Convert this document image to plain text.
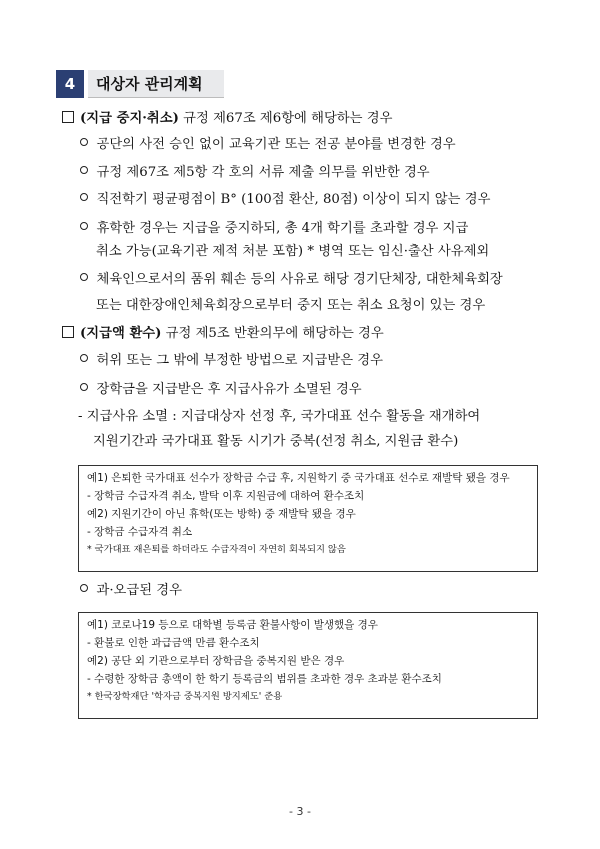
4	대상자 관리계획
(지급 중지·취소) 규정 제67조 제6항에 해당하는 경우
공단의 사전 승인 없이 교육기관 또는 전공 분야를 변경한 경우
규정 제67조 제5항 각 호의 서류 제출 의무를 위반한 경우
직전학기 평균평점이 B° (100점 환산, 80점) 이상이 되지 않는 경우
휴학한 경우는 지급을 중지하되, 총 4개 학기를 초과할 경우 지급
취소 가능(교육기관 제적 처분 포함) * 병역 또는 임신·출산 사유제외
체육인으로서의 품위 훼손 등의 사유로 해당 경기단체장, 대한체육회장
또는 대한장애인체육회장으로부터 중지 또는 취소 요청이 있는 경우
(지급액 환수) 규정 제5조 반환의무에 해당하는 경우
허위 또는 그 밖에 부정한 방법으로 지급받은 경우
장학금을 지급받은 후 지급사유가 소멸된 경우
- 지급사유 소멸 : 지급대상자 선정 후, 국가대표 선수 활동을 재개하여
지원기간과 국가대표 활동 시기가 중복(선정 취소, 지원금 환수)
예1) 은퇴한 국가대표 선수가 장학금 수급 후, 지원학기 중 국가대표 선수로 재발탁 됐을 경우
- 장학금 수급자격 취소, 발탁 이후 지원금에 대하여 환수조치
예2) 지원기간이 아닌 휴학(또는 방학) 중 재발탁 됐을 경우
- 장학금 수급자격 취소
* 국가대표 재은퇴를 하더라도 수급자격이 자연히 회복되지 않음
과·오급된 경우
예1) 코로나19 등으로 대학별 등록금 환불사항이 발생했을 경우
- 환불로 인한 과급금액 만큼 환수조치
예2) 공단 외 기관으로부터 장학금을 중복지원 받은 경우
- 수령한 장학금 총액이 한 학기 등록금의 범위를 초과한 경우 초과분 환수조치
* 한국장학재단 '학자금 중복지원 방지제도' 준용
- 3 -
